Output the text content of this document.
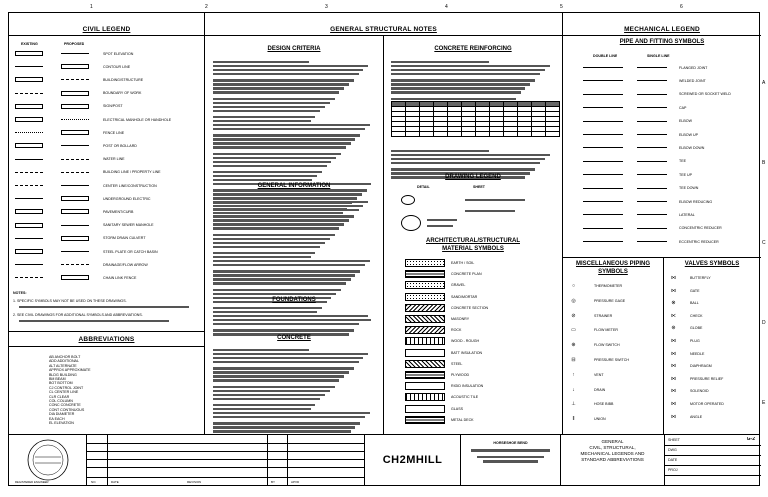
1	2	3	4	5	6
A
B
C
D
E
CIVIL LEGEND
EXISTING	PROPOSED
SPOT ELEVATION
CONTOUR LINE
BUILDING/STRUCTURE
BOUNDARY OF WORK
SIGN/POST
ELECTRICAL MANHOLE OR HANDHOLE
FENCE LINE
POST OR BOLLARD
WATER LINE
BUILDING LINE / PROPERTY LINE
CENTER LINE/CONSTRUCTION
UNDERGROUND ELECTRIC
PAVEMENT/CURB
SANITARY SEWER MANHOLE
STORM DRAIN CULVERT
STEEL PLATE OR CATCH BASIN
DRAINAGE/FLOW ARROW
CHAIN LINK FENCE
NOTES:
1. SPECIFIC SYMBOLS MAY NOT BE USED ON THESE DRAWINGS.
2. SEE CIVIL DRAWINGS FOR ADDITIONAL SYMBOLS AND ABBREVIATIONS.
ABBREVIATIONS
AB ANCHOR BOLT
ADD ADDITIONAL
ALT ALTERNATE
APPROX APPROXIMATE
BLDG BUILDING
BM BEAM
BOT BOTTOM
CJ CONTROL JOINT
CL CENTER LINE
CLR CLEAR
COL COLUMN
CONC CONCRETE
CONT CONTINUOUS
DIA DIAMETER
EA EACH
EL ELEVATION
GENERAL STRUCTURAL NOTES
DESIGN CRITERIA
GENERAL INFORMATION
FOUNDATIONS
CONCRETE
CONCRETE REINFORCING

DRAWING LEGEND
DETAIL	SHEET
ARCHITECTURAL/STRUCTURAL
MATERIAL SYMBOLS
EARTH / SOIL
CONCRETE PLAN
GRAVEL
SAND/MORTAR
CONCRETE SECTION
MASONRY
ROCK
WOOD - ROUGH
BATT INSULATION
STEEL
PLYWOOD
RIGID INSULATION
ACOUSTIC TILE
GLASS
METAL DECK
MECHANICAL LEGEND
PIPE AND FITTING SYMBOLS
DOUBLE LINE	SINGLE LINE
FLANGED JOINT
WELDED JOINT
SCREWED OR SOCKET WELD
CAP
ELBOW
ELBOW UP
ELBOW DOWN
TEE
TEE UP
TEE DOWN
ELBOW REDUCING
LATERAL
CONCENTRIC REDUCER
ECCENTRIC REDUCER
MISCELLANEOUS PIPING
SYMBOLS
○	THERMOMETER
◎	PRESSURE GAGE
⊘	STRAINER
▭	FLOW METER
⊕	FLOW SWITCH
⊟	PRESSURE SWITCH
↑	VENT
↓	DRAIN
⊥	HOSE BIBB
‖	UNION
VALVES SYMBOLS
⋈	BUTTERFLY
⋈	GATE
⊗	BALL
⋉	CHECK
⊛	GLOBE
⋈	PLUG
⋈	NEEDLE
⋈	DIAPHRAGM
⋈	PRESSURE RELIEF
⋈	SOLENOID
⋈	MOTOR OPERATED
⋈	ANGLE
REGISTERED ENGINEER	NO.	DATE	REVISION	BY	APVD
CH2MHILL
HORSESHOE BEND	GENERAL
CIVIL, STRUCTURAL,
MECHANICAL LEGENDS AND
STANDARD ABBREVIATIONS
SHEET	G-2
DWG
DATE
PROJ
